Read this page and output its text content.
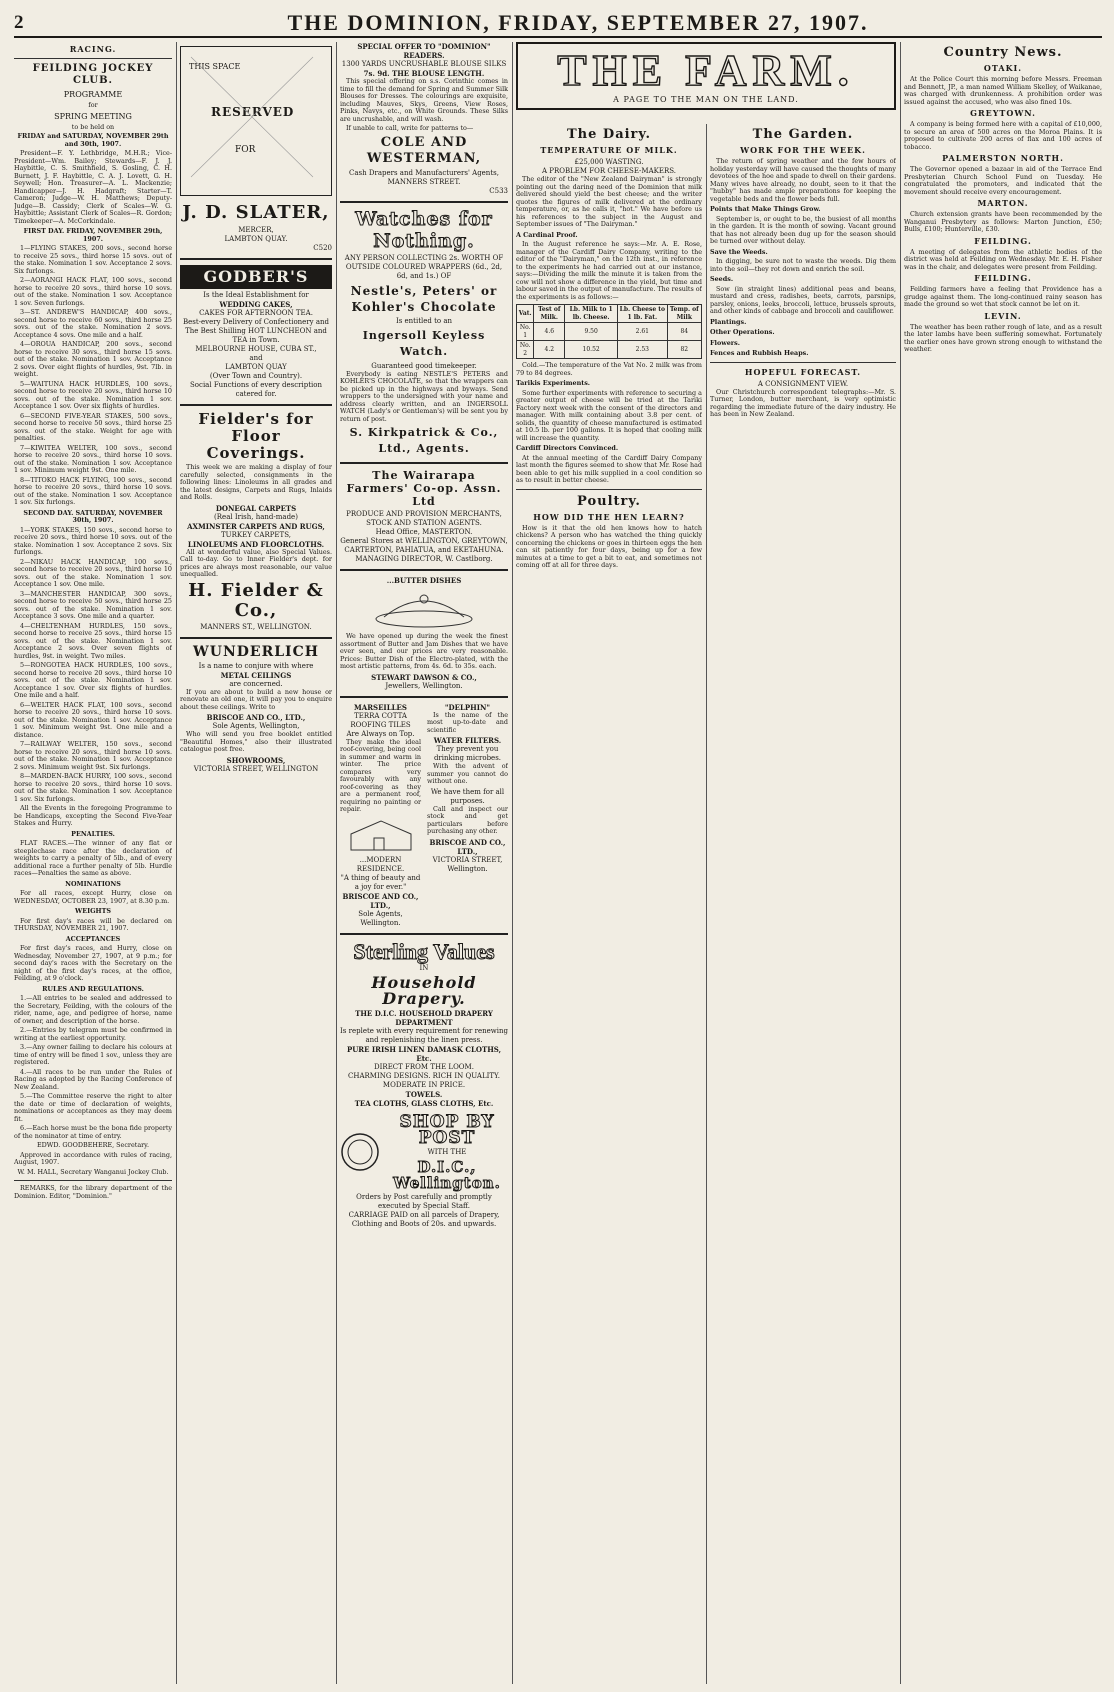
2	THE DOMINION, FRIDAY, SEPTEMBER 27, 1907.
RACING.
FEILDING JOCKEY CLUB.

PROGRAMME

for

SPRING MEETING

to be held on

FRIDAY and SATURDAY, NOVEMBER 29th and 30th, 1907.

President—F. Y. Lethbridge, M.H.R.; Vice-President—Wm. Bailey; Stewards—F. J. J. Haybittle, C. S. Smithfield, S. Gosling, C. H. Burnett, J. F. Haybittle, C. A. J. Lovett, G. H. Seywell; Hon. Treasurer—A. L. Mackenzie; Handicapper—J. H. Hadgraft; Starter—T. Cameron; Judge—W. H. Matthews; Deputy-Judge—B. Cassidy; Clerk of Scales—W. G. Haybittle; Assistant Clerk of Scales—R. Gordon; Timekeeper—A. McCorkindale.

FIRST DAY. FRIDAY, NOVEMBER 29th, 1907.

1—FLYING STAKES, 200 sovs., second horse to receive 25 sovs., third horse 15 sovs. out of the stake. Nomination 1 sov. Acceptance 2 sovs. Six furlongs.

2—AORANGI HACK FLAT, 100 sovs., second horse to receive 20 sovs., third horse 10 sovs. out of the stake. Nomination 1 sov. Acceptance 1 sov. Seven furlongs.

3—ST. ANDREW'S HANDICAP, 400 sovs., second horse to receive 60 sovs., third horse 25 sovs. out of the stake. Nomination 2 sovs. Acceptance 4 sovs. One mile and a half.

4—OROUA HANDICAP, 200 sovs., second horse to receive 30 sovs., third horse 15 sovs. out of the stake. Nomination 1 sov. Acceptance 2 sovs. Over eight flights of hurdles, 9st. 7lb. in weight.

5—WAITUNA HACK HURDLES, 100 sovs., second horse to receive 20 sovs., third horse 10 sovs. out of the stake. Nomination 1 sov. Acceptance 1 sov. Over six flights of hurdles.

6—SECOND FIVE-YEAR STAKES, 500 sovs., second horse to receive 50 sovs., third horse 25 sovs. out of the stake. Weight for age with penalties.

7—KIWITEA WELTER, 100 sovs., second horse to receive 20 sovs., third horse 10 sovs. out of the stake. Nomination 1 sov. Acceptance 1 sov. Minimum weight 9st. One mile.

8—TITOKO HACK FLYING, 100 sovs., second horse to receive 20 sovs., third horse 10 sovs. out of the stake. Nomination 1 sov. Acceptance 1 sov. Six furlongs.

SECOND DAY. SATURDAY, NOVEMBER 30th, 1907.

1—YORK STAKES, 150 sovs., second horse to receive 20 sovs., third horse 10 sovs. out of the stake. Nomination 1 sov. Acceptance 2 sovs. Six furlongs.

2—NIKAU HACK HANDICAP, 100 sovs., second horse to receive 20 sovs., third horse 10 sovs. out of the stake. Nomination 1 sov. Acceptance 1 sov. One mile.

3—MANCHESTER HANDICAP, 300 sovs., second horse to receive 50 sovs., third horse 25 sovs. out of the stake. Nomination 1 sov. Acceptance 3 sovs. One mile and a quarter.

4—CHELTENHAM HURDLES, 150 sovs., second horse to receive 25 sovs., third horse 15 sovs. out of the stake. Nomination 1 sov. Acceptance 2 sovs. Over seven flights of hurdles, 9st. in weight. Two miles.

5—RONGOTEA HACK HURDLES, 100 sovs., second horse to receive 20 sovs., third horse 10 sovs. out of the stake. Nomination 1 sov. Acceptance 1 sov. Over six flights of hurdles. One mile and a half.

6—WELTER HACK FLAT, 100 sovs., second horse to receive 20 sovs., third horse 10 sovs. out of the stake. Nomination 1 sov. Acceptance 1 sov. Minimum weight 9st. One mile and a distance.

7—RAILWAY WELTER, 150 sovs., second horse to receive 20 sovs., third horse 10 sovs. out of the stake. Nomination 1 sov. Acceptance 2 sovs. Minimum weight 9st. Six furlongs.

8—MARDEN-BACK HURRY, 100 sovs., second horse to receive 20 sovs., third horse 10 sovs. out of the stake. Nomination 1 sov. Acceptance 1 sov. Six furlongs.

All the Events in the foregoing Programme to be Handicaps, excepting the Second Five-Year Stakes and Hurry.

PENALTIES.

FLAT RACES.—The winner of any flat or steeplechase race after the declaration of weights to carry a penalty of 5lb., and of every additional race a further penalty of 5lb. Hurdle races—Penalties the same as above.

NOMINATIONS

For all races, except Hurry, close on WEDNESDAY, OCTOBER 23, 1907, at 8.30 p.m.

WEIGHTS

For first day's races will be declared on THURSDAY, NOVEMBER 21, 1907.

ACCEPTANCES

For first day's races, and Hurry, close on Wednesday, November 27, 1907, at 9 p.m.; for second day's races with the Secretary on the night of the first day's races, at the office, Feilding, at 9 o'clock.

RULES AND REGULATIONS.

1.—All entries to be sealed and addressed to the Secretary, Feilding, with the colours of the rider, name, age, and pedigree of horse, name of owner, and description of the horse.

2.—Entries by telegram must be confirmed in writing at the earliest opportunity.

3.—Any owner failing to declare his colours at time of entry will be fined 1 sov., unless they are registered.

4.—All races to be run under the Rules of Racing as adopted by the Racing Conference of New Zealand.

5.—The Committee reserve the right to alter the date or time of declaration of weights, nominations or acceptances as they may deem fit.

6.—Each horse must be the bona fide property of the nominator at time of entry.

EDWD. GOODBEHERE, Secretary.

Approved in accordance with rules of racing, August, 1907.

W. M. HALL, Secretary Wanganui Jockey Club.

REMARKS, for the library department of the Dominion. Editor, "Dominion."

THIS SPACE
RESERVED
FOR
J. D. SLATER,
MERCER,
LAMBTON QUAY.
C520
GODBER'S
Is the Ideal Establishment for
WEDDING CAKES,
CAKES FOR AFTERNOON TEA.
Best-every Delivery of Confectionery and The Best Shilling HOT LUNCHEON and TEA in Town.
MELBOURNE HOUSE, CUBA ST.,
and
LAMBTON QUAY
(Over Town and Country).
Social Functions of every description catered for.
Fielder's for Floor Coverings.

This week we are making a display of four carefully selected, consignments in the following lines: Linoleums in all grades and the latest designs, Carpets and Rugs, Inlaids and Rolls.

DONEGAL CARPETS
(Real Irish, hand-made)
AXMINSTER CARPETS AND RUGS,
TURKEY CARPETS,
LINOLEUMS AND FLOORCLOTHS.

All at wonderful value, also Special Values. Call to-day. Go to Inner Fielder's dept. for prices are always most reasonable, our value unequalled.

H. Fielder & Co.,
MANNERS ST., WELLINGTON.
WUNDERLICH
Is a name to conjure with where
METAL CEILINGS
are concerned.

If you are about to build a new house or renovate an old one, it will pay you to enquire about these ceilings. Write to

BRISCOE AND CO., LTD.,
Sole Agents, Wellington,

Who will send you free booklet entitled "Beautiful Homes," also their illustrated catalogue post free.

SHOWROOMS,
VICTORIA STREET, WELLINGTON
SPECIAL OFFER TO "DOMINION" READERS.
1300 YARDS UNCRUSHABLE BLOUSE SILKS
7s. 9d. THE BLOUSE LENGTH.

This special offering on s.s. Corinthic comes in time to fill the demand for Spring and Summer Silk Blouses for Dresses. The colourings are exquisite, including Mauves, Skys, Greens, View Roses, Pinks, Navys, etc., on White Grounds. These Silks are uncrushable, and will wash.

If unable to call, write for patterns to—

COLE AND WESTERMAN,
Cash Drapers and Manufacturers' Agents, MANNERS STREET.
C533
Watches for Nothing.
ANY PERSON COLLECTING 2s. WORTH OF OUTSIDE COLOURED WRAPPERS (6d., 2d, 6d, and 1s.) OF
Nestle's, Peters' or Kohler's Chocolate
Is entitled to an
Ingersoll Keyless Watch.
Guaranteed good timekeeper.

Everybody is eating NESTLE'S PETERS and KOHLER'S CHOCOLATE, so that the wrappers can be picked up in the highways and byways. Send wrappers to the undersigned with your name and address clearly written, and an INGERSOLL WATCH (Lady's or Gentleman's) will be sent you by return of post.

S. Kirkpatrick & Co., Ltd., Agents.
The Wairarapa Farmers' Co-op. Assn. Ltd
PRODUCE AND PROVISION MERCHANTS, STOCK AND STATION AGENTS.
Head Office, MASTERTON.
General Stores at WELLINGTON, GREYTOWN, CARTERTON, PAHIATUA, and EKETAHUNA.
MANAGING DIRECTOR, W. Castlborg.
...BUTTER DISHES

We have opened up during the week the finest assortment of Butter and Jam Dishes that we have ever seen, and our prices are very reasonable. Prices: Butter Dish of the Electro-plated, with the most artistic patterns, from 4s. 6d. to 35s. each.

STEWART DAWSON & CO.,
Jewellers, Wellington.
MARSEILLES
TERRA COTTA ROOFING TILES
Are Always on Top.

They make the ideal roof-covering, being cool in summer and warm in winter. The price compares very favourably with any roof-covering as they are a permanent roof, requiring no painting or repair.

...MODERN RESIDENCE.
"A thing of beauty and a joy for ever."
BRISCOE AND CO., LTD.,
Sole Agents, Wellington.
"DELPHIN"

Is the name of the most up-to-date and scientific

WATER FILTERS.
They prevent you drinking microbes.

With the advent of summer you cannot do without one.

We have them for all purposes.

Call and inspect our stock and get particulars before purchasing any other.

BRISCOE AND CO., LTD.,
VICTORIA STREET,
Wellington.
Sterling Values
IN
Household Drapery.
THE D.I.C. HOUSEHOLD DRAPERY DEPARTMENT
Is replete with every requirement for renewing and replenishing the linen press.
PURE IRISH LINEN DAMASK CLOTHS, Etc.
DIRECT FROM THE LOOM.
CHARMING DESIGNS. RICH IN QUALITY.
MODERATE IN PRICE.
TOWELS.
TEA CLOTHS, GLASS CLOTHS, Etc.
SHOP BY POST
WITH THE
D.I.C., Wellington.
Orders by Post carefully and promptly executed by Special Staff.
CARRIAGE PAID on all parcels of Drapery, Clothing and Boots of 20s. and upwards.
THE FARM.
A PAGE TO THE MAN ON THE LAND.
The Dairy.
TEMPERATURE OF MILK.
£25,000 WASTING.
A PROBLEM FOR CHEESE-MAKERS.

The editor of the "New Zealand Dairyman" is strongly pointing out the daring need of the Dominion that milk delivered should yield the best cheese; and the writer quotes the figures of milk delivered at the ordinary temperature, or, as he calls it, "hot." We have before us his references to the subject in the August and September issues of "The Dairyman."

A Cardinal Proof.

In the August reference he says:—Mr. A. E. Rose, manager of the Cardiff Dairy Company, writing to the editor of the "Dairyman," on the 12th inst., in reference to the experiments he had carried out at our instance, says:—Dividing the milk the minute it is taken from the cow will not show a difference in the yield, but time and labour saved in the output of manufacture. The results of the experiments is as follows:—

Vat.	Test of Milk.	Lb. Milk to 1 lb. Cheese.	Lb. Cheese to 1 lb. Fat.	Temp. of Milk
No. 1	4.6	9.50	2.61	84
No. 2	4.2	10.52	2.53	82

Cold.—The temperature of the Vat No. 2 milk was from 79 to 84 degrees.

Tarikis Experiments.

Some further experiments with reference to securing a greater output of cheese will be tried at the Tariki Factory next week with the consent of the directors and manager. With milk containing about 3.8 per cent. of solids, the quantity of cheese manufactured is estimated at 10.5 lb. per 100 gallons. It is hoped that cooling milk will increase the quantity.

Cardiff Directors Convinced.

At the annual meeting of the Cardiff Dairy Company last month the figures seemed to show that Mr. Rose had been able to get his milk supplied in a cool condition so as to result in better cheese.

Poultry.
HOW DID THE HEN LEARN?

How is it that the old hen knows how to hatch chickens? A person who has watched the thing quickly concerning the chickens or goes in thirteen eggs the hen can sit patiently for four days, being up for a few minutes at a time to get a bit to eat, and sometimes not coming off at all for three days.

The Garden.
WORK FOR THE WEEK.

The return of spring weather and the few hours of holiday yesterday will have caused the thoughts of many devotees of the hoe and spade to dwell on their gardens. Many wives have already, no doubt, seen to it that the "hubby" has made ample preparations for keeping the vegetable beds and the flower beds full.

Points that Make Things Grow.

September is, or ought to be, the busiest of all months in the garden. It is the month of sowing. Vacant ground that has not already been dug up for the season should be turned over without delay.

Save the Weeds.

In digging, be sure not to waste the weeds. Dig them into the soil—they rot down and enrich the soil.

Seeds.

Sow (in straight lines) additional peas and beans, mustard and cress, radishes, beets, carrots, parsnips, parsley, onions, leeks, broccoli, lettuce, brussels sprouts, and other kinds of cabbage and broccoli and cauliflower.

Plantings.

Other Operations.

Flowers.

Fences and Rubbish Heaps.

HOPEFUL FORECAST.
A CONSIGNMENT VIEW.

Our Christchurch correspondent telegraphs:—Mr. S. Turner, London, butter merchant, is very optimistic regarding the immediate future of the dairy industry. He has been in New Zealand.

Country News.
OTAKI.

At the Police Court this morning before Messrs. Freeman and Bennett, JP., a man named William Skelley, of Waikanae, was charged with drunkenness. A prohibition order was issued against the accused, who was also fined 10s.

GREYTOWN.

A company is being formed here with a capital of £10,000, to secure an area of 500 acres on the Moroa Plains. It is proposed to cultivate 200 acres of flax and 100 acres of tobacco.

PALMERSTON NORTH.

The Governor opened a bazaar in aid of the Terrace End Presbyterian Church School Fund on Tuesday. He congratulated the promoters, and indicated that the movement should receive every encouragement.

MARTON.

Church extension grants have been recommended by the Wanganui Presbytery as follows: Marton Junction, £50; Bulls, £100; Hunterville, £30.

FEILDING.

A meeting of delegates from the athletic bodies of the district was held at Feilding on Wednesday. Mr. E. H. Fisher was in the chair, and delegates were present from Feilding.

FEILDING.

Feilding farmers have a feeling that Providence has a grudge against them. The long-continued rainy season has made the ground so wet that stock cannot be let on it.

LEVIN.

The weather has been rather rough of late, and as a result the later lambs have been suffering somewhat. Fortunately the earlier ones have grown strong enough to withstand the weather.
